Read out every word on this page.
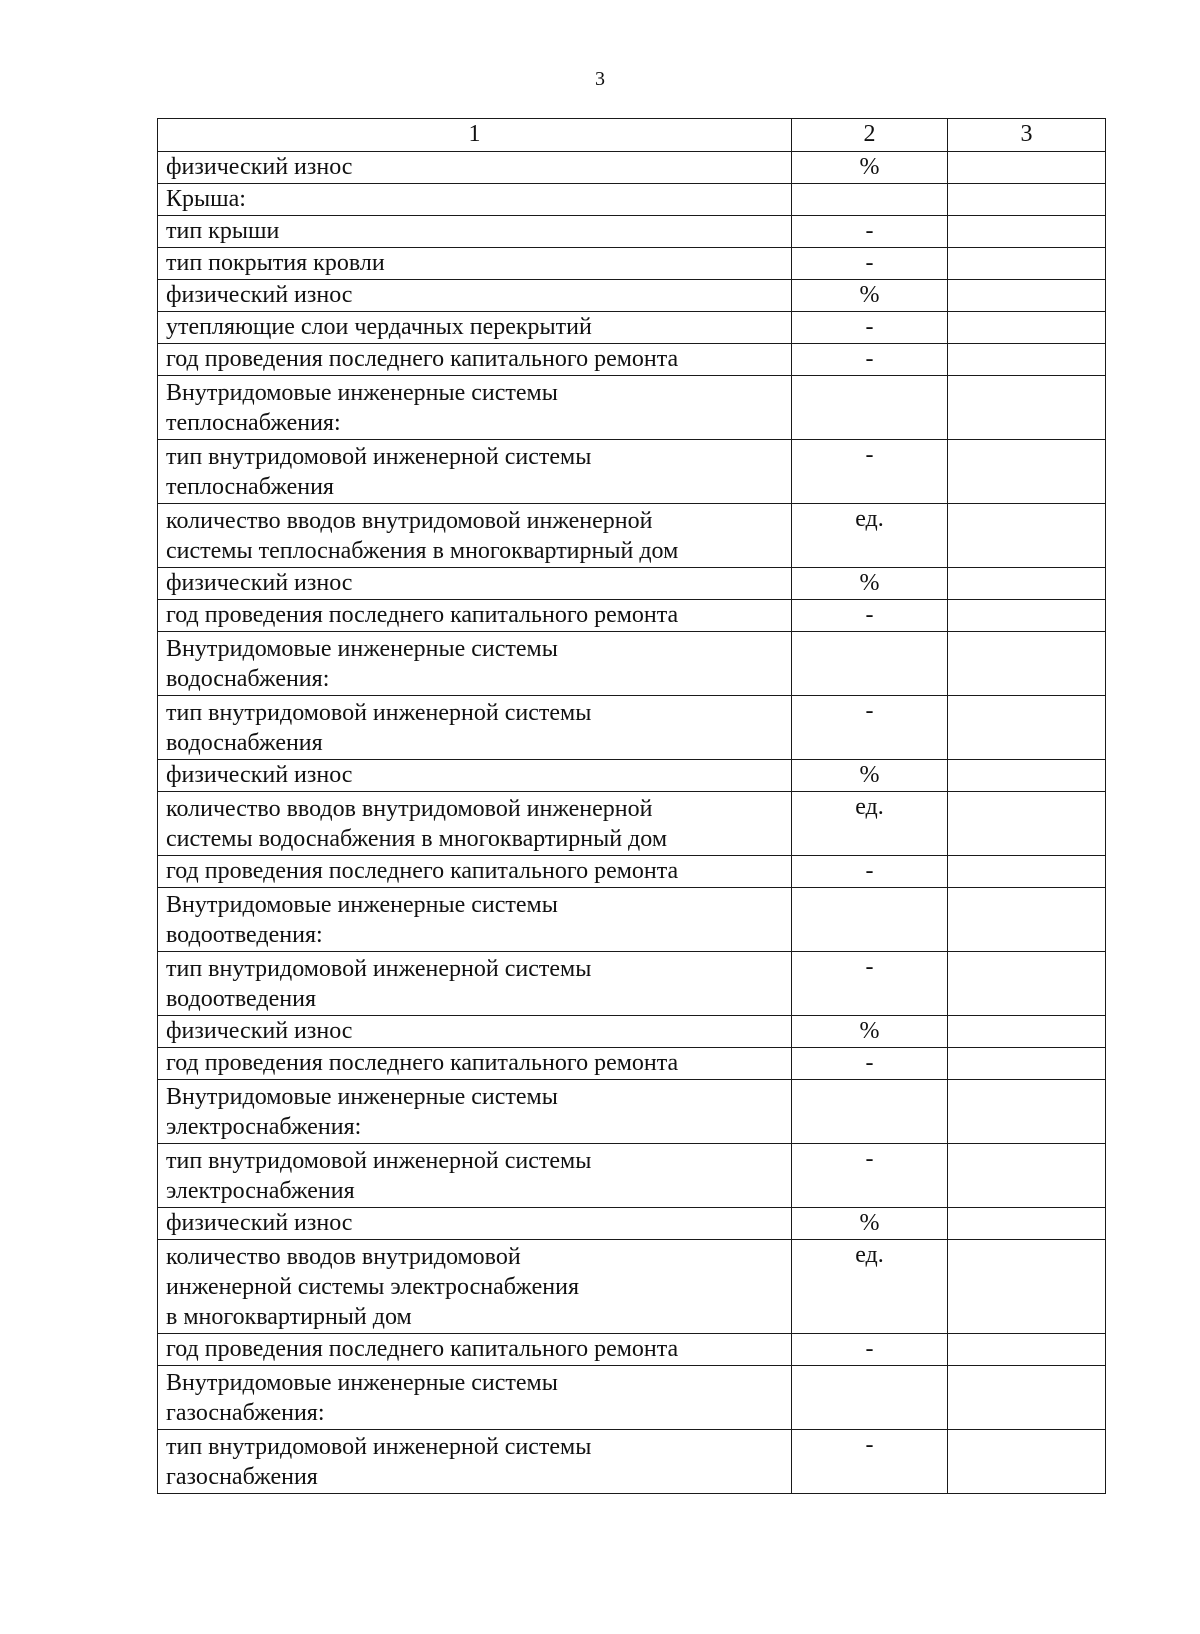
3
1	2	3
физический износ	%	
Крыша:		
тип крыши	-	
тип покрытия кровли	-	
физический износ	%	
утепляющие слои чердачных перекрытий	-	
год проведения последнего капитального ремонта	-	
Внутридомовые инженерные системы
теплоснабжения:		
тип внутридомовой инженерной системы
теплоснабжения	-	
количество вводов внутридомовой инженерной
системы теплоснабжения в многоквартирный дом	ед.	
физический износ	%	
год проведения последнего капитального ремонта	-	
Внутридомовые инженерные системы
водоснабжения:		
тип внутридомовой инженерной системы
водоснабжения	-	
физический износ	%	
количество вводов внутридомовой инженерной
системы водоснабжения в многоквартирный дом	ед.	
год проведения последнего капитального ремонта	-	
Внутридомовые инженерные системы
водоотведения:		
тип внутридомовой инженерной системы
водоотведения	-	
физический износ	%	
год проведения последнего капитального ремонта	-	
Внутридомовые инженерные системы
электроснабжения:		
тип внутридомовой инженерной системы
электроснабжения	-	
физический износ	%	
количество вводов внутридомовой
инженерной системы электроснабжения
в многоквартирный дом	ед.	
год проведения последнего капитального ремонта	-	
Внутридомовые инженерные системы
газоснабжения:		
тип внутридомовой инженерной системы
газоснабжения	-	
